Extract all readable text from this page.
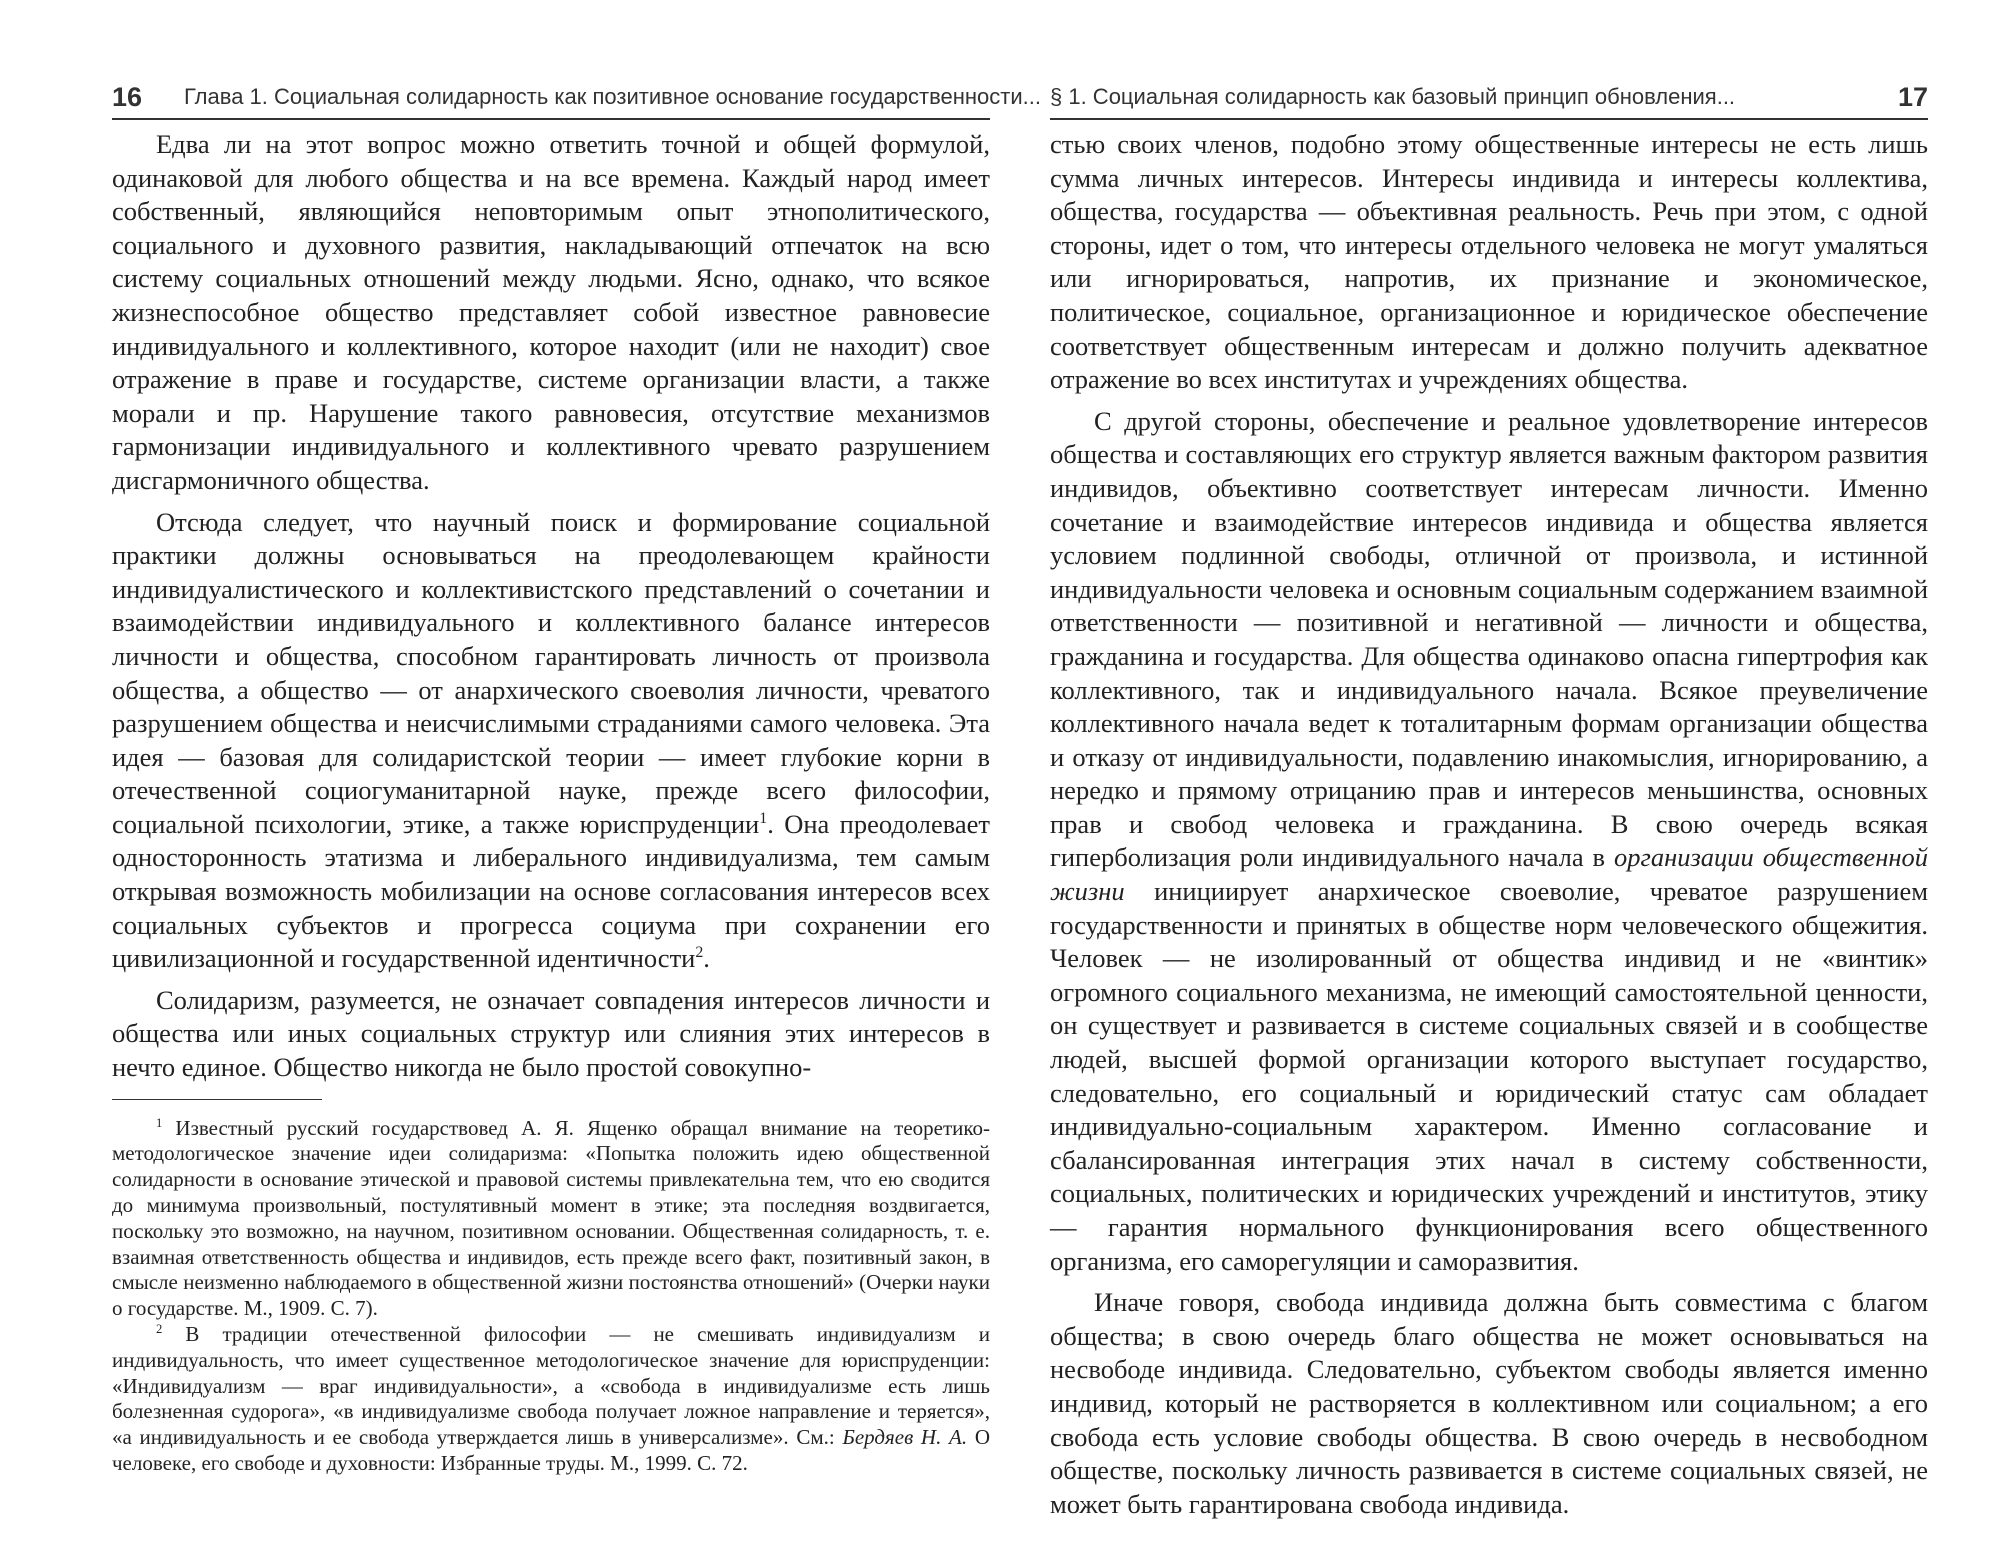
16 Глава 1. Социальная солидарность как позитивное основание государственности...

Едва ли на этот вопрос можно ответить точной и общей формулой, одинаковой для любого общества и на все времена. Каждый народ имеет собственный, являющийся неповторимым опыт этнополитического, социального и духовного развития, накладывающий отпечаток на всю систему социальных отношений между людьми. Ясно, однако, что всякое жизнеспособное общество представляет собой известное равновесие индивидуального и коллективного, которое находит (или не находит) свое отражение в праве и государстве, системе организации власти, а также морали и пр. Нарушение такого равновесия, отсутствие механизмов гармонизации индивидуального и коллективного чревато разрушением дисгармоничного общества.

Отсюда следует, что научный поиск и формирование социальной практики должны основываться на преодолевающем крайности индивидуалистического и коллективистского представлений о сочетании и взаимодействии индивидуального и коллективного балансе интересов личности и общества, способном гарантировать личность от произвола общества, а общество — от анархического своеволия личности, чреватого разрушением общества и неисчислимыми страданиями самого человека. Эта идея — базовая для солидаристской теории — имеет глубокие корни в отечественной социогуманитарной науке, прежде всего философии, социальной психологии, этике, а также юриспруденции$^1$. Она преодолевает односторонность этатизма и либерального индивидуализма, тем самым открывая возможность мобилизации на основе согласования интересов всех социальных субъектов и прогресса социума при сохранении его цивилизационной и государственной идентичности$^2$.

Солидаризм, разумеется, не означает совпадения интересов личности и общества или иных социальных структур или слияния этих интересов в нечто единое. Общество никогда не было простой совокупно-

$^1$ Известный русский государствовед А. Я. Ященко обращал внимание на теоретико-методологическое значение идеи солидаризма: «Попытка положить идею общественной солидарности в основание этической и правовой системы привлекательна тем, что ею сводится до минимума произвольный, постулятивный момент в этике; эта последняя воздвигается, поскольку это возможно, на научном, позитивном основании. Общественная солидарность, т. е. взаимная ответственность общества и индивидов, есть прежде всего факт, позитивный закон, в смысле неизменно наблюдаемого в общественной жизни постоянства отношений» (Очерки науки о государстве. М., 1909. С. 7).

$^2$ В традиции отечественной философии — не смешивать индивидуализм и индивидуальность, что имеет существенное методологическое значение для юриспруденции: «Индивидуализм — враг индивидуальности», а «свобода в индивидуализме есть лишь болезненная судорога», «в индивидуализме свобода получает ложное направление и теряется», «а индивидуальность и ее свобода утверждается лишь в универсализме». См.: Бердяев Н. А. О человеке, его свободе и духовности: Избранные труды. М., 1999. С. 72.

§ 1. Социальная солидарность как базовый принцип обновления...	17

стью своих членов, подобно этому общественные интересы не есть лишь сумма личных интересов. Интересы индивида и интересы коллектива, общества, государства — объективная реальность. Речь при этом, с одной стороны, идет о том, что интересы отдельного человека не могут умаляться или игнорироваться, напротив, их признание и экономическое, политическое, социальное, организационное и юридическое обеспечение соответствует общественным интересам и должно получить адекватное отражение во всех институтах и учреждениях общества.

С другой стороны, обеспечение и реальное удовлетворение интересов общества и составляющих его структур является важным фактором развития индивидов, объективно соответствует интересам личности. Именно сочетание и взаимодействие интересов индивида и общества является условием подлинной свободы, отличной от произвола, и истинной индивидуальности человека и основным социальным содержанием взаимной ответственности — позитивной и негативной — личности и общества, гражданина и государства. Для общества одинаково опасна гипертрофия как коллективного, так и индивидуального начала. Всякое преувеличение коллективного начала ведет к тоталитарным формам организации общества и отказу от индивидуальности, подавлению инакомыслия, игнорированию, а нередко и прямому отрицанию прав и интересов меньшинства, основных прав и свобод человека и гражданина. В свою очередь всякая гиперболизация роли индивидуального начала в организации общественной жизни инициирует анархическое своеволие, чреватое разрушением государственности и принятых в обществе норм человеческого общежития. Человек — не изолированный от общества индивид и не «винтик» огромного социального механизма, не имеющий самостоятельной ценности, он существует и развивается в системе социальных связей и в сообществе людей, высшей формой организации которого выступает государство, следовательно, его социальный и юридический статус сам обладает индивидуально-социальным характером. Именно согласование и сбалансированная интеграция этих начал в систему собственности, социальных, политических и юридических учреждений и институтов, этику — гарантия нормального функционирования всего общественного организма, его саморегуляции и саморазвития.

Иначе говоря, свобода индивида должна быть совместима с благом общества; в свою очередь благо общества не может основываться на несвободе индивида. Следовательно, субъектом свободы является именно индивид, который не растворяется в коллективном или социальном; а его свобода есть условие свободы общества. В свою очередь в несвободном обществе, поскольку личность развивается в системе социальных связей, не может быть гарантирована свобода индивида.
